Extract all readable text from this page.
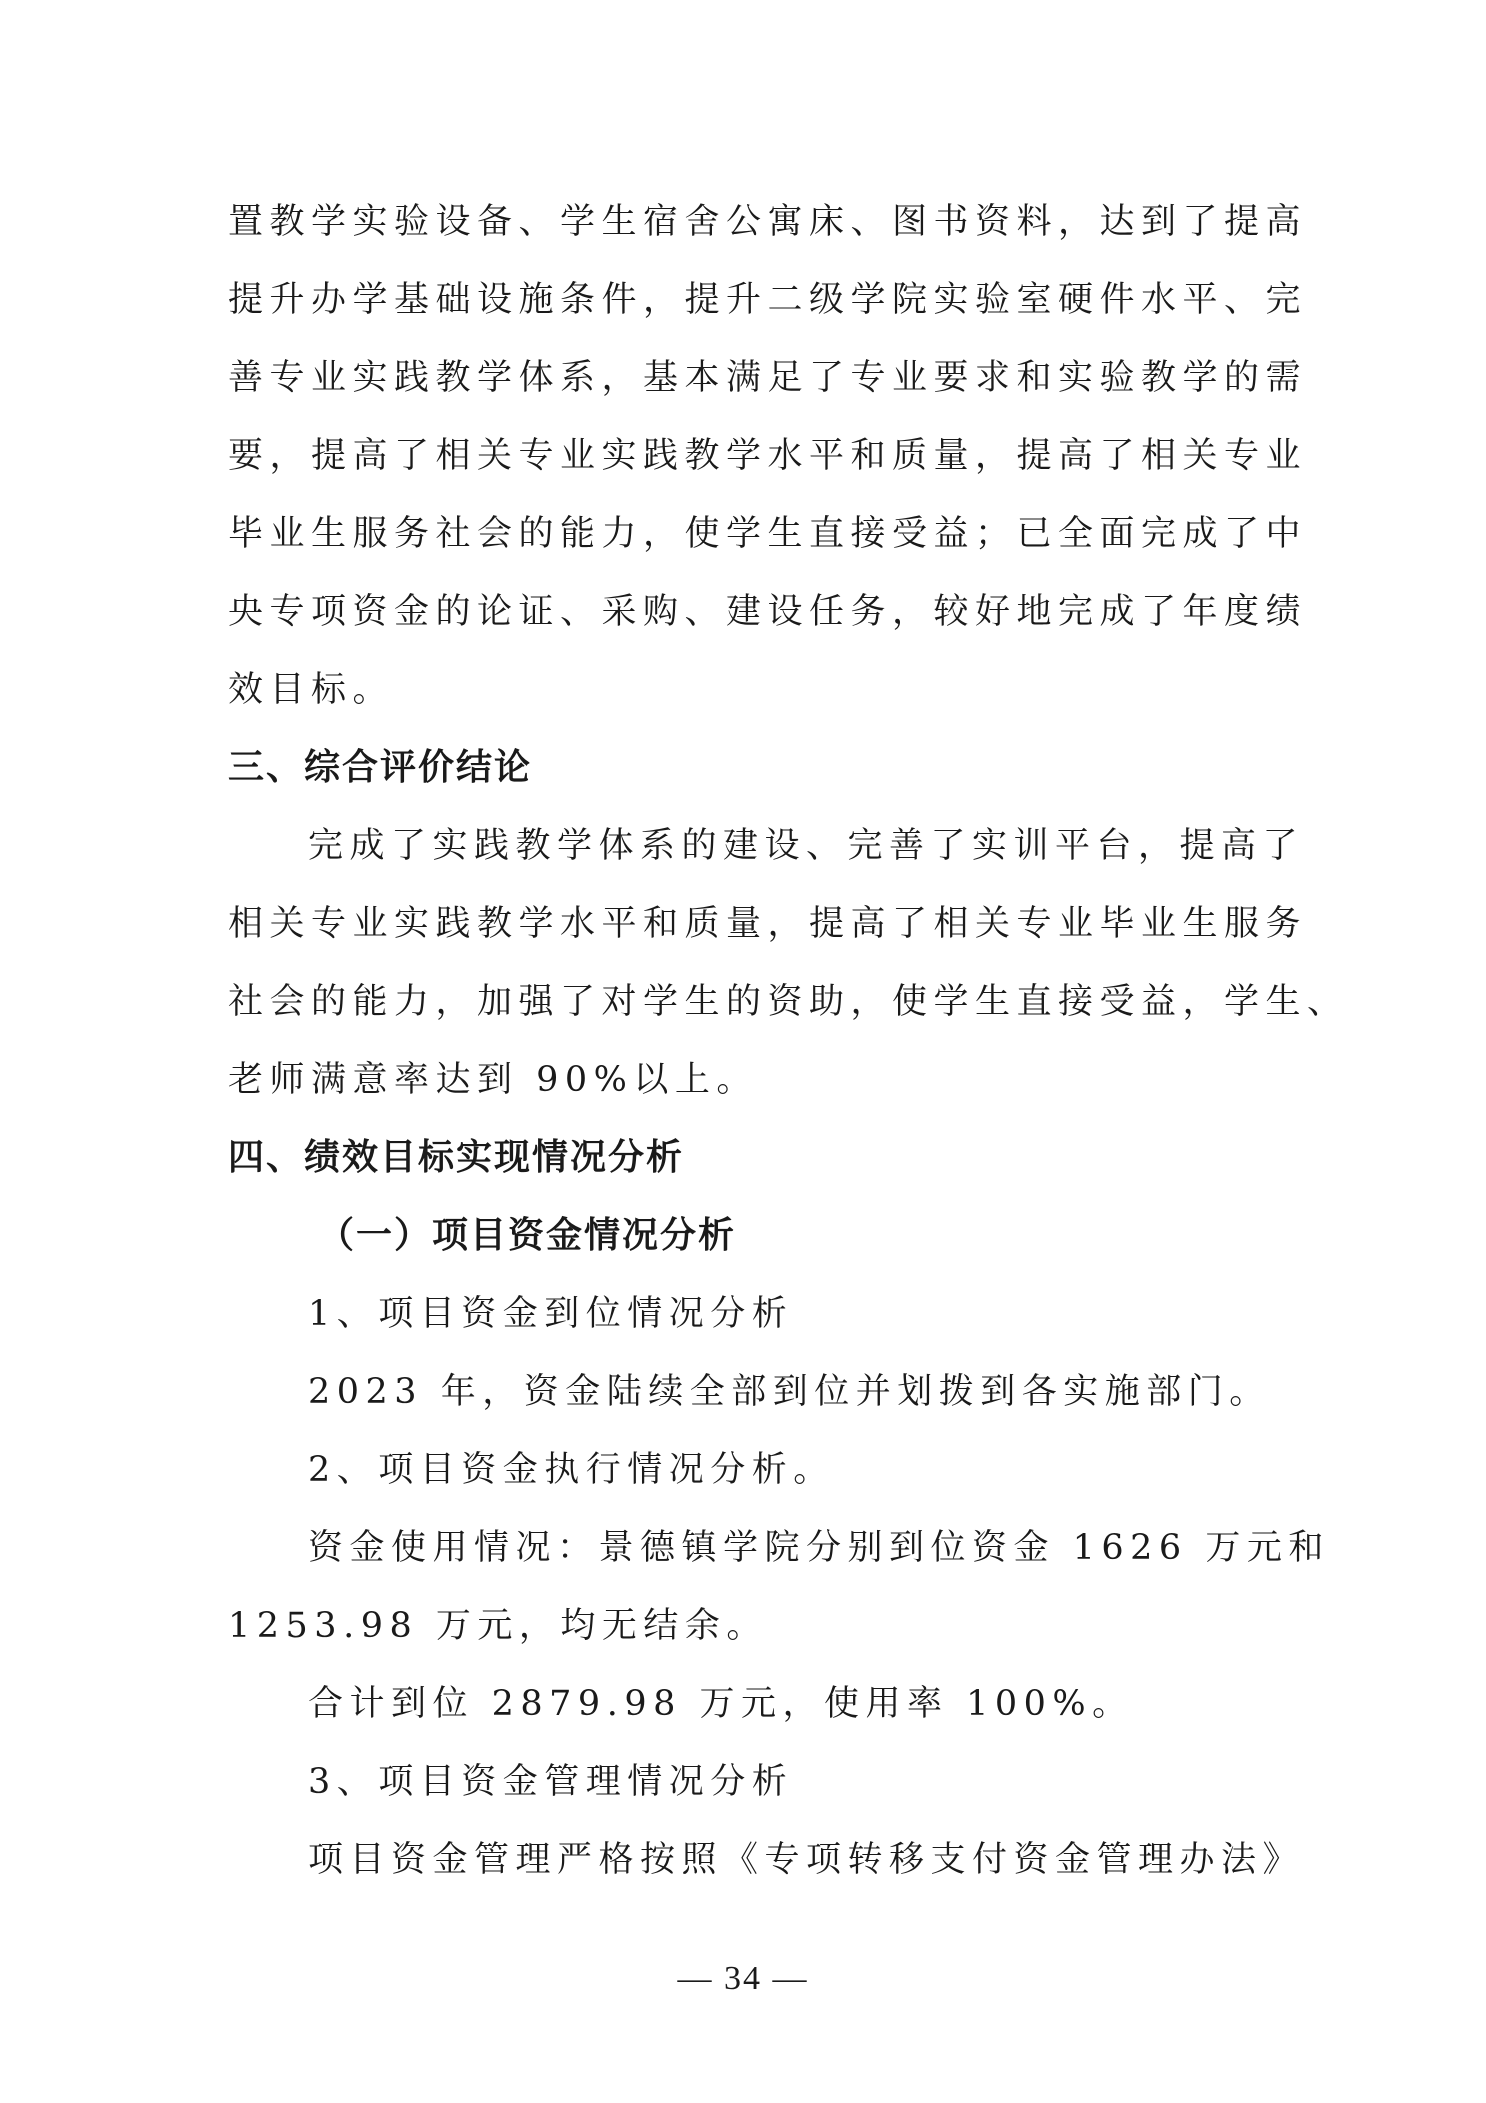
置教学实验设备、学生宿舍公寓床、图书资料，达到了提高
提升办学基础设施条件，提升二级学院实验室硬件水平、完
善专业实践教学体系，基本满足了专业要求和实验教学的需
要，提高了相关专业实践教学水平和质量，提高了相关专业
毕业生服务社会的能力，使学生直接受益；已全面完成了中
央专项资金的论证、采购、建设任务，较好地完成了年度绩
效目标。
三、综合评价结论
完成了实践教学体系的建设、完善了实训平台，提高了
相关专业实践教学水平和质量，提高了相关专业毕业生服务
社会的能力，加强了对学生的资助，使学生直接受益，学生、
老师满意率达到 90%以上。
四、绩效目标实现情况分析
（一）项目资金情况分析
1、项目资金到位情况分析
2023 年，资金陆续全部到位并划拨到各实施部门。
2、项目资金执行情况分析。
资金使用情况：景德镇学院分别到位资金 1626 万元和
1253.98 万元，均无结余。
合计到位 2879.98 万元，使用率 100%。
3、项目资金管理情况分析
项目资金管理严格按照《专项转移支付资金管理办法》
— 34 —
